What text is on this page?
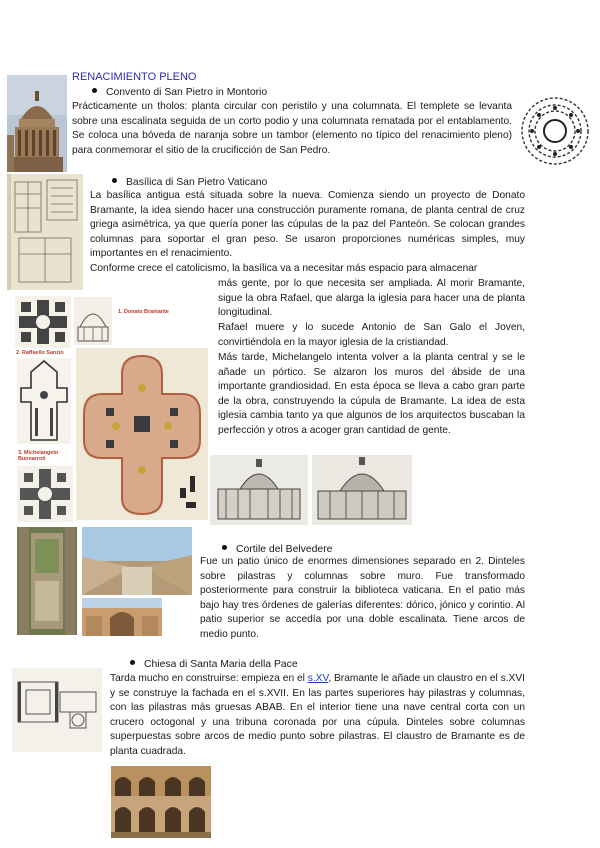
RENACIMIENTO PLENO
Convento di San Pietro in Montorio
Prácticamente un tholos: planta circular con peristilo y una columnata. El templete se levanta sobre una escalinata seguida de un corto podio y una columnata rematada por el entablamento. Se coloca una bóveda de naranja sobre un tambor (elemento no típico del renacimiento pleno) para conmemorar el sitio de la crucificción de San Pedro.
Basílica di San Pietro Vaticano
La basílica antigua está situada sobre la nueva. Comienza siendo un proyecto de Donato Bramante, la idea siendo hacer una construcción puramente romana, de planta central de cruz griega asimétrica, ya que quería poner las cúpulas de la paz del Panteón. Se colocan grandes columnas para soportar el gran peso. Se usaron proporciones numéricas simples, muy importantes en el renacimiento.
Conforme crece el catolicismo, la basílica va a necesitar más espacio para almacenar
más gente, por lo que necesita ser ampliada. Al morir Bramante, sigue la obra Rafael, que alarga la iglesia para hacer una de planta longitudinal.
Rafael muere y lo sucede Antonio de San Galo el Joven, convirtiéndola en la mayor iglesia de la cristiandad.
Más tarde, Michelangelo intenta volver a la planta central y se le añade un pórtico. Se alzaron los muros del ábside de una importante grandiosidad. En esta época se lleva a cabo gran parte de la obra, construyendo la cúpula de Bramante. La idea de esta iglesia cambia tanto ya que algunos de los arquitectos buscaban la perfección y otros a acoger gran cantidad de gente.
1. Donato Bramante
2. Raffaello Sanzio
3. Michelangelo Buonarroti
Cortile del Belvedere
Fue un patio único de enormes dimensiones separado en 2. Dinteles sobre pilastras y columnas sobre muro. Fue transformado posteriormente para construir la biblioteca vaticana. En el patio más bajo hay tres órdenes de galerías diferentes: dórico, jónico y corintio. Al patio superior se accedía por una doble escalinata. Tiene arcos de medio punto.
Chiesa di Santa Maria della Pace
Tarda mucho en construirse: empieza en el s.XV, Bramante le añade un claustro en el s.XVI y se construye la fachada en el s.XVII. En las partes superiores hay pilastras y columnas, con las pilastras más gruesas ABAB. En el interior tiene una nave central corta con un crucero octogonal y una tribuna coronada por una cúpula. Dinteles sobre columnas superpuestas sobre arcos de medio punto sobre pilastras. El claustro de Bramante es de planta cuadrada.
